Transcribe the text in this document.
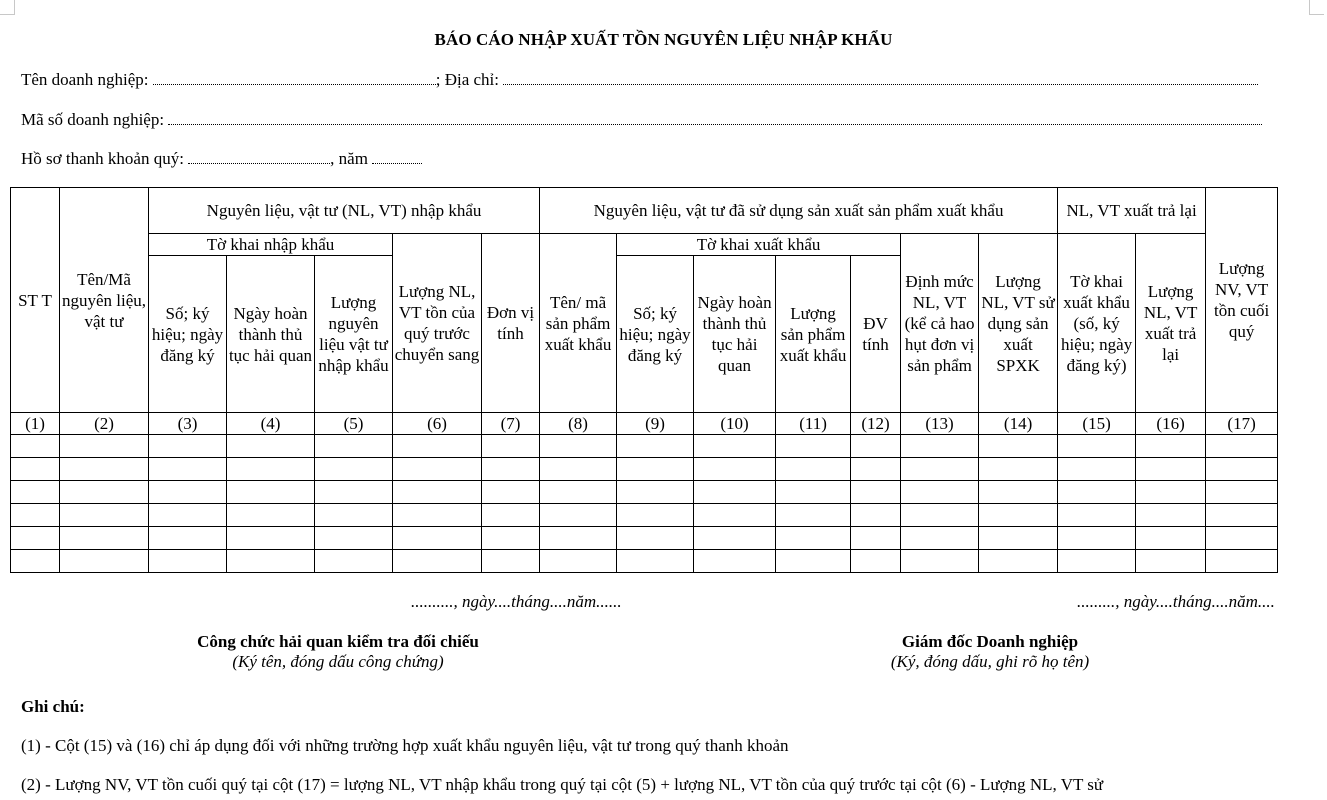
BÁO CÁO NHẬP XUẤT TỒN NGUYÊN LIỆU NHẬP KHẨU
Tên doanh nghiệp:	; Địa chỉ:
Mã số doanh nghiệp:
Hồ sơ thanh khoản quý:	, năm
ST T	Tên/Mã nguyên liệu, vật tư	Nguyên liệu, vật tư (NL, VT) nhập khẩu					Nguyên liệu, vật tư đã sử dụng sản xuất sản phẩm xuất khẩu							NL, VT xuất trả lại		Lượng NV, VT tồn cuối quý
		Tờ khai nhập khẩu			Lượng NL, VT tồn của quý trước chuyển sang	Đơn vị tính	Tên/ mã sản phẩm xuất khẩu	Tờ khai xuất khẩu				Định mức NL, VT (kể cả hao hụt đơn vị sản phẩm	Lượng NL, VT sử dụng sản xuất SPXK	Tờ khai xuất khẩu (số, ký hiệu; ngày đăng ký)	Lượng NL, VT xuất trả lại	
		Số; ký hiệu; ngày đăng ký	Ngày hoàn thành thủ tục hải quan	Lượng nguyên liệu vật tư nhập khẩu				Số; ký hiệu; ngày đăng ký	Ngày hoàn thành thủ tục hải quan	Lượng sản phẩm xuất khẩu	ĐV tính					
(1)	(2)	(3)	(4)	(5)	(6)	(7)	(8)	(9)	(10)	(11)	(12)	(13)	(14)	(15)	(16)	(17)

.........., ngày....tháng....năm......	........., ngày....tháng....năm....
Công chức hải quan kiểm tra đối chiếu
(Ký tên, đóng dấu công chứng)
Giám đốc Doanh nghiệp
(Ký, đóng dấu, ghi rõ họ tên)
Ghi chú:
(1) - Cột (15) và (16) chỉ áp dụng đối với những trường hợp xuất khẩu nguyên liệu, vật tư trong quý thanh khoản
(2) - Lượng NV, VT tồn cuối quý tại cột (17) = lượng NL, VT nhập khẩu trong quý tại cột (5) + lượng NL, VT tồn của quý trước tại cột (6) - Lượng NL, VT sử
